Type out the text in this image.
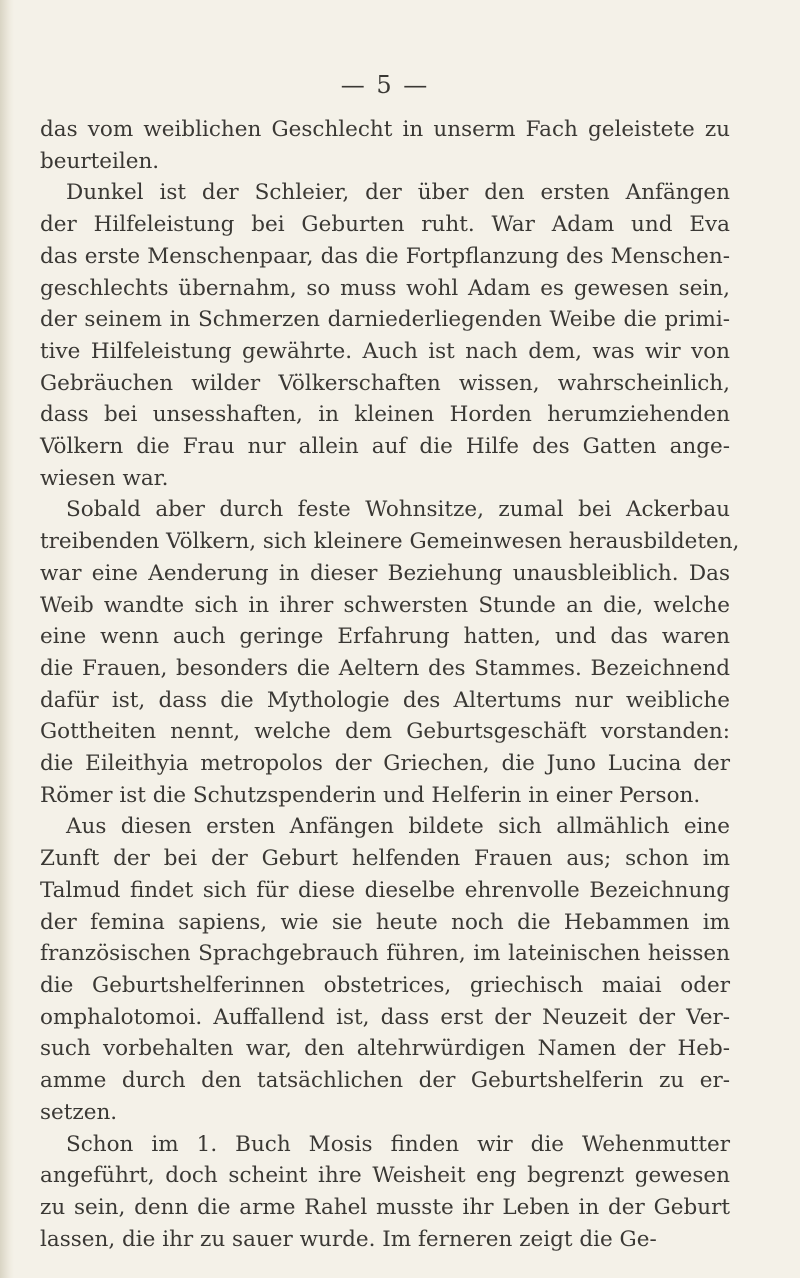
— 5 —

das vom weiblichen Geschlecht in unserm Fach geleistete zu
beurteilen.

Dunkel ist der Schleier, der über den ersten Anfängen
der Hilfeleistung bei Geburten ruht. War Adam und Eva
das erste Menschenpaar, das die Fortpflanzung des Menschen-
geschlechts übernahm, so muss wohl Adam es gewesen sein,
der seinem in Schmerzen darniederliegenden Weibe die primi-
tive Hilfeleistung gewährte. Auch ist nach dem, was wir von
Gebräuchen wilder Völkerschaften wissen, wahrscheinlich,
dass bei unsesshaften, in kleinen Horden herumziehenden
Völkern die Frau nur allein auf die Hilfe des Gatten ange-
wiesen war.

Sobald aber durch feste Wohnsitze, zumal bei Ackerbau
treibenden Völkern, sich kleinere Gemeinwesen herausbildeten,
war eine Aenderung in dieser Beziehung unausbleiblich. Das
Weib wandte sich in ihrer schwersten Stunde an die, welche
eine wenn auch geringe Erfahrung hatten, und das waren
die Frauen, besonders die Aeltern des Stammes. Bezeichnend
dafür ist, dass die Mythologie des Altertums nur weibliche
Gottheiten nennt, welche dem Geburtsgeschäft vorstanden:
die Eileithyia metropolos der Griechen, die Juno Lucina der
Römer ist die Schutzspenderin und Helferin in einer Person.

Aus diesen ersten Anfängen bildete sich allmählich eine
Zunft der bei der Geburt helfenden Frauen aus; schon im
Talmud findet sich für diese dieselbe ehrenvolle Bezeichnung
der femina sapiens, wie sie heute noch die Hebammen im
französischen Sprachgebrauch führen, im lateinischen heissen
die Geburtshelferinnen obstetrices, griechisch maiai oder
omphalotomoi. Auffallend ist, dass erst der Neuzeit der Ver-
such vorbehalten war, den altehrwürdigen Namen der Heb-
amme durch den tatsächlichen der Geburtshelferin zu er-
setzen.

Schon im 1. Buch Mosis finden wir die Wehenmutter
angeführt, doch scheint ihre Weisheit eng begrenzt gewesen
zu sein, denn die arme Rahel musste ihr Leben in der Geburt
lassen, die ihr zu sauer wurde. Im ferneren zeigt die Ge-
